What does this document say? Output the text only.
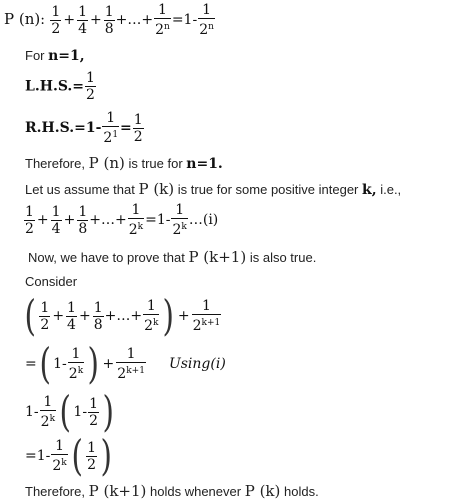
P (n): $\frac{1}{2} + \frac{1}{4} + \frac{1}{8}$ +…+ $\frac{1}{2^n} =1- \frac{1}{2^n}$
For n=1,
$L.H.S.= \frac{1}{2}$
$R.H.S.=1- \frac{1}{2^1} = \frac{1}{2}$
Therefore, P (n) is true for n=1.
Let us assume that P (k) is true for some positive integer k, i.e.,
$\frac{1}{2} + \frac{1}{4} + \frac{1}{8}$ +…+ $\frac{1}{2^k} =1- \frac{1}{2^k}$ …(i)
Now, we have to prove that P (k+1) is also true.
Consider
( $\frac{1}{2} + \frac{1}{4} + \frac{1}{8}$ +…+ $\frac{1}{2^k}$ ) + $\frac{1}{2^{k+1}}$
=( $1- \frac{1}{2^k}$ ) + $\frac{1}{2^{k+1}} Using(i)$
$1- \frac{1}{2^k}$ ( $1- \frac{1}{2}$ )
$=1- \frac{1}{2^k}$ ( $\frac{1}{2}$ )
Therefore, P (k+1) holds whenever P (k) holds.
